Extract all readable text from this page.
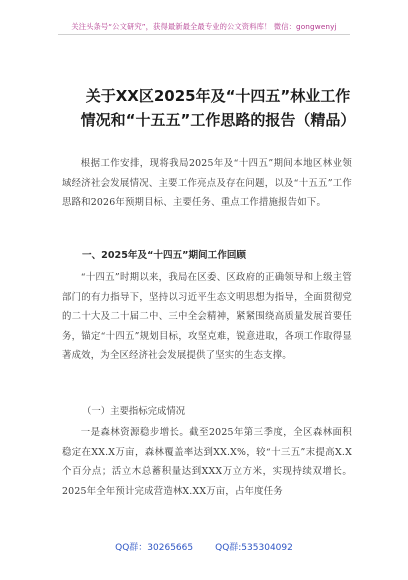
关注头条号“公文研究”，获得最新最全最专业的公文资料库！ 微信：gongwenyj
关于XX区2025年及“十四五”林业工作
情况和“十五五”工作思路的报告（精品）

根据工作安排，现将我局2025年及“十四五”期间本地区林业领域经济社会发展情况、主要工作亮点及存在问题，以及“十五五”工作思路和2026年预期目标、主要任务、重点工作措施报告如下。

一、2025年及“十四五”期间工作回顾

“十四五”时期以来，我局在区委、区政府的正确领导和上级主管部门的有力指导下，坚持以习近平生态文明思想为指导，全面贯彻党的二十大及二十届二中、三中全会精神，紧紧围绕高质量发展首要任务，锚定“十四五”规划目标，攻坚克难，锐意进取，各项工作取得显著成效，为全区经济社会发展提供了坚实的生态支撑。

（一）主要指标完成情况

一是森林资源稳步增长。截至2025年第三季度，全区森林面积稳定在XX.X万亩，森林覆盖率达到XX.X%，较“十三五”末提高X.X个百分点；活立木总蓄积量达到XXX万立方米，实现持续双增长。2025年全年预计完成营造林X.XX万亩，占年度任务

QQ群：30265665 QQ群:535304092
